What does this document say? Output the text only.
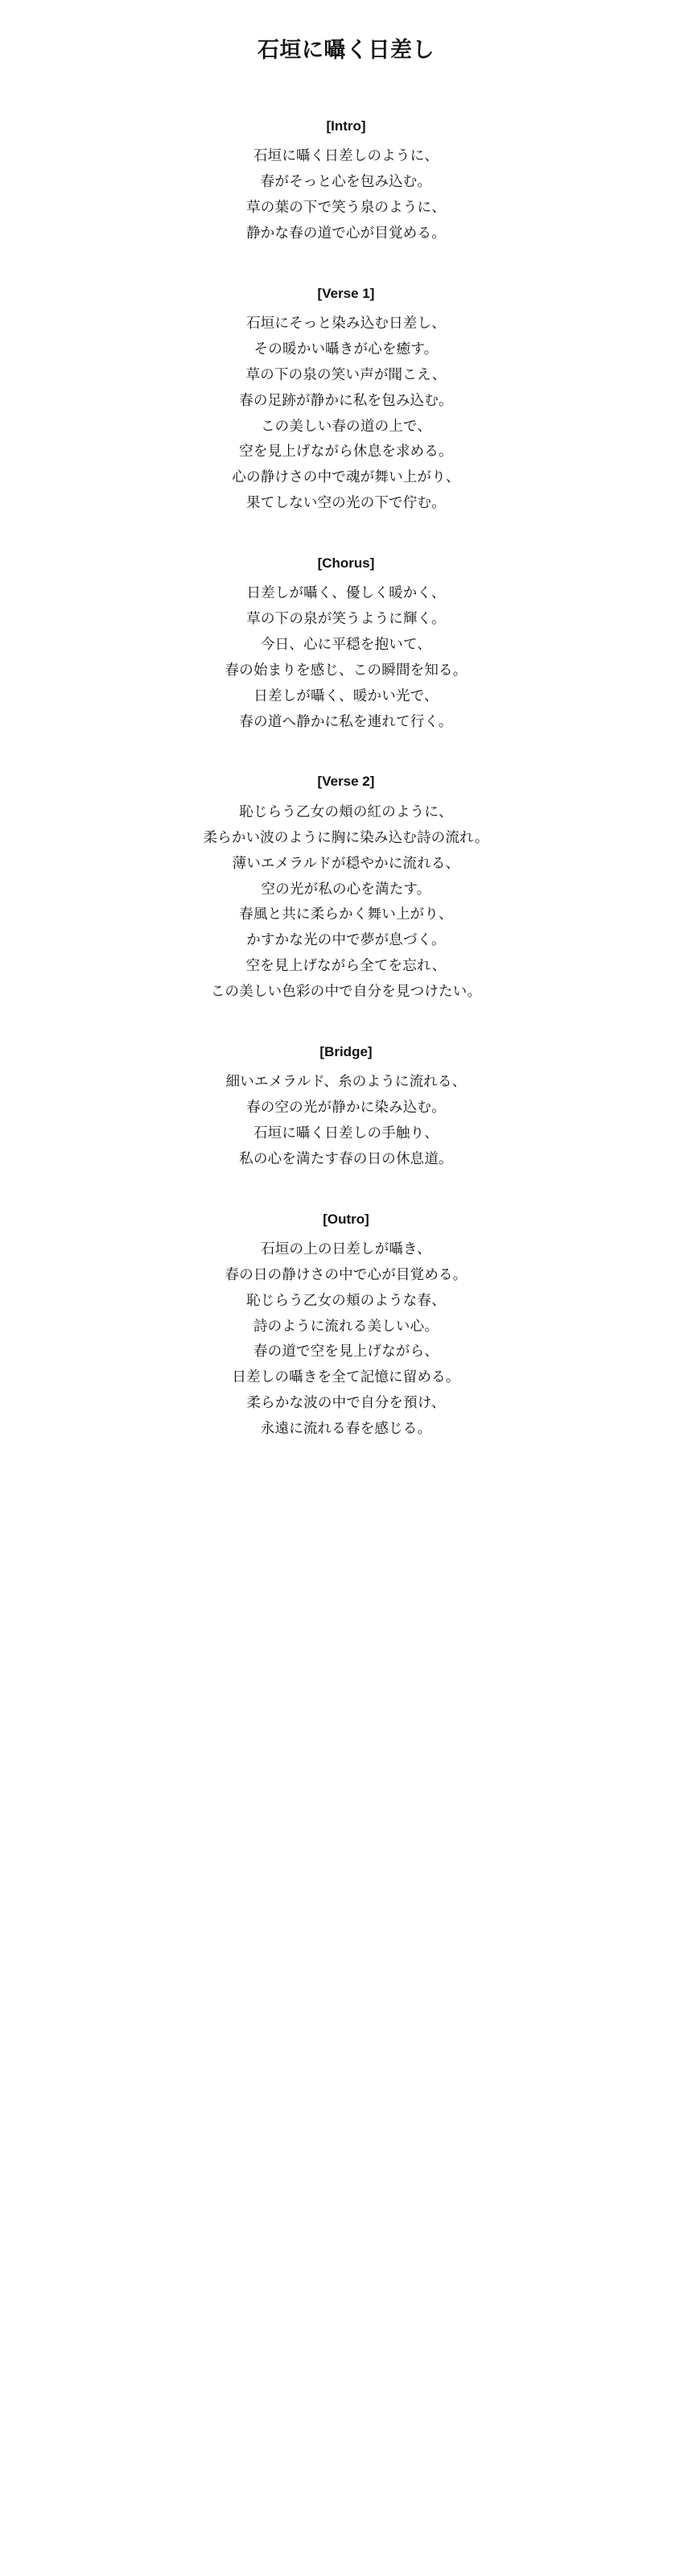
石垣に囁く日差し
[Intro]
石垣に囁く日差しのように、
春がそっと心を包み込む。
草の葉の下で笑う泉のように、
静かな春の道で心が目覚める。
[Verse 1]
石垣にそっと染み込む日差し、
その暖かい囁きが心を癒す。
草の下の泉の笑い声が聞こえ、
春の足跡が静かに私を包み込む。
この美しい春の道の上で、
空を見上げながら休息を求める。
心の静けさの中で魂が舞い上がり、
果てしない空の光の下で佇む。
[Chorus]
日差しが囁く、優しく暖かく、
草の下の泉が笑うように輝く。
今日、心に平穏を抱いて、
春の始まりを感じ、この瞬間を知る。
日差しが囁く、暖かい光で、
春の道へ静かに私を連れて行く。
[Verse 2]
恥じらう乙女の頬の紅のように、
柔らかい波のように胸に染み込む詩の流れ。
薄いエメラルドが穏やかに流れる、
空の光が私の心を満たす。
春風と共に柔らかく舞い上がり、
かすかな光の中で夢が息づく。
空を見上げながら全てを忘れ、
この美しい色彩の中で自分を見つけたい。
[Bridge]
細いエメラルド、糸のように流れる、
春の空の光が静かに染み込む。
石垣に囁く日差しの手触り、
私の心を満たす春の日の休息道。
[Outro]
石垣の上の日差しが囁き、
春の日の静けさの中で心が目覚める。
恥じらう乙女の頬のような春、
詩のように流れる美しい心。
春の道で空を見上げながら、
日差しの囁きを全て記憶に留める。
柔らかな波の中で自分を預け、
永遠に流れる春を感じる。
